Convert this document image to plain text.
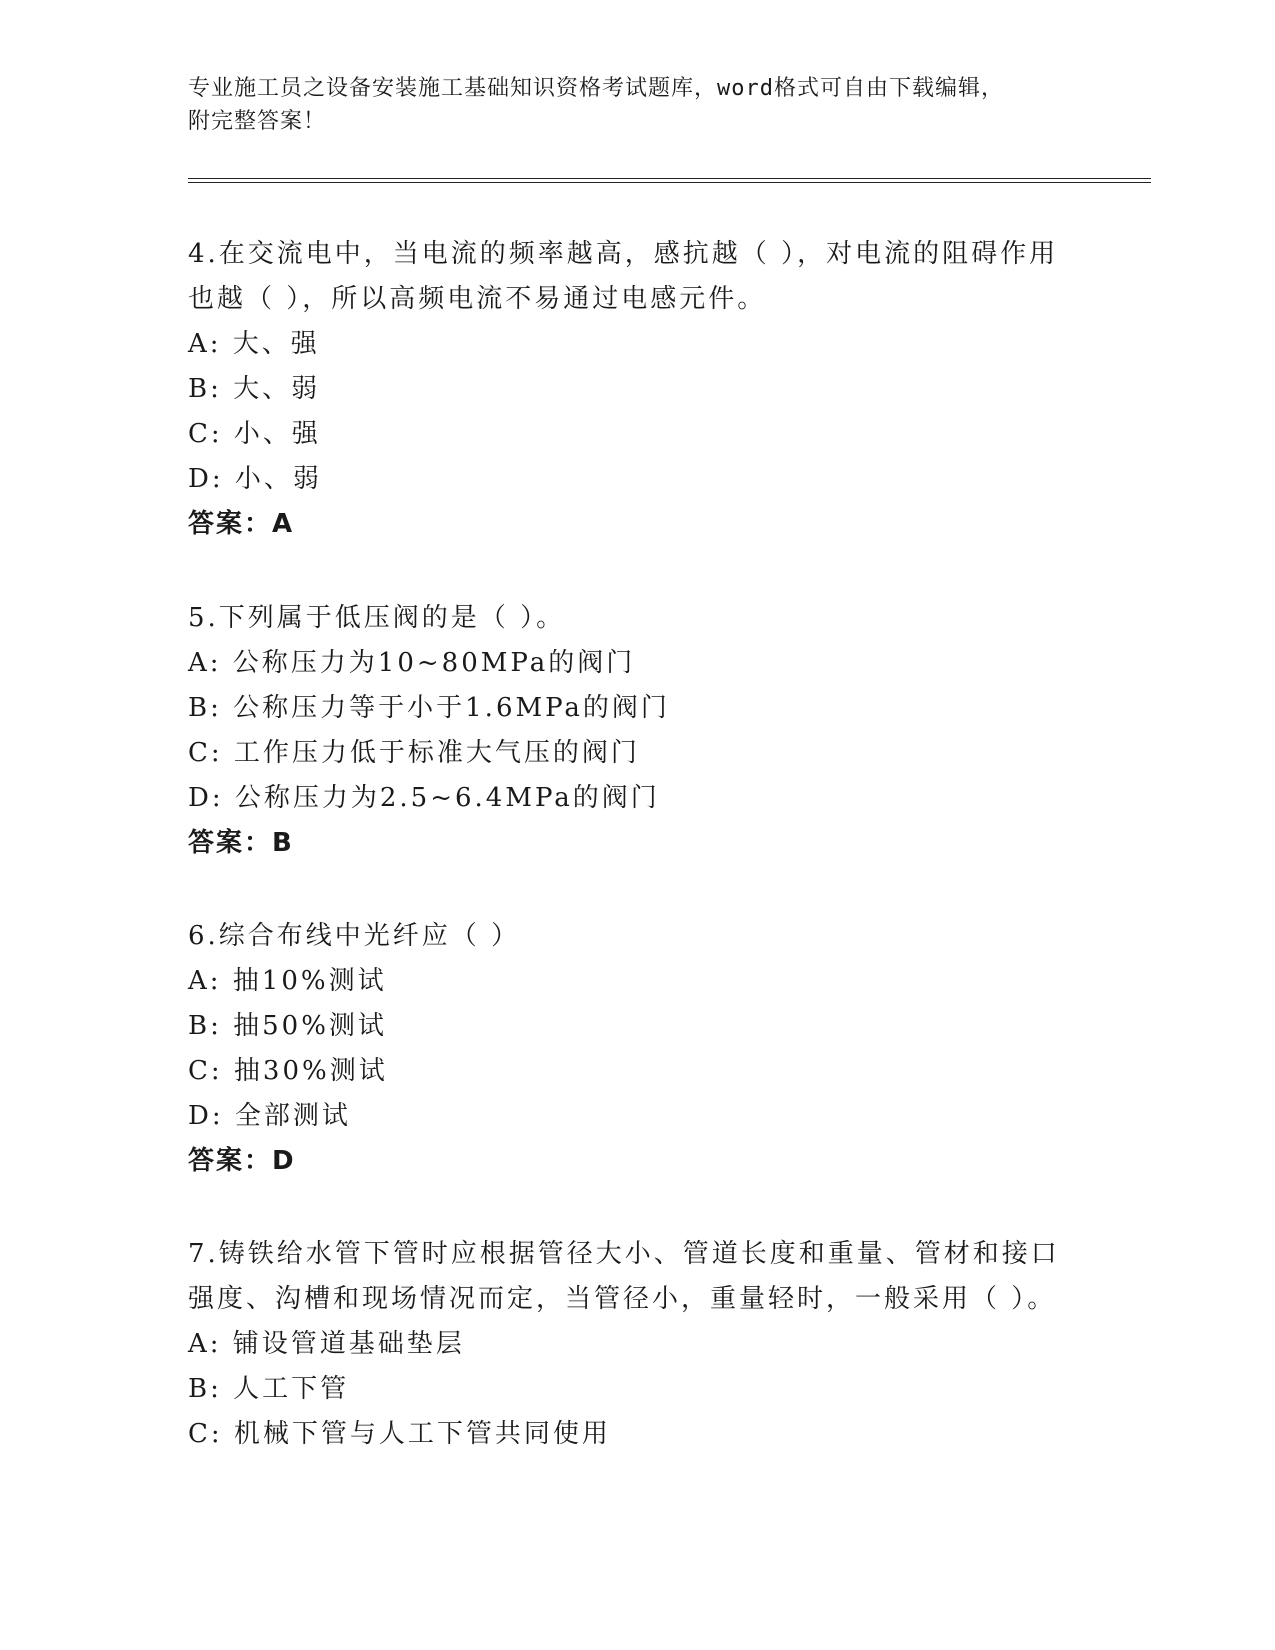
专业施工员之设备安装施工基础知识资格考试题库，word格式可自由下载编辑，
附完整答案！
4.在交流电中，当电流的频率越高，感抗越（ ），对电流的阻碍作用
也越（ ），所以高频电流不易通过电感元件。
A: 大、强
B: 大、弱
C: 小、强
D: 小、弱
答案：A
5.下列属于低压阀的是（ ）。
A: 公称压力为10~80MPa的阀门
B: 公称压力等于小于1.6MPa的阀门
C: 工作压力低于标准大气压的阀门
D: 公称压力为2.5~6.4MPa的阀门
答案：B
6.综合布线中光纤应（ ）
A: 抽10%测试
B: 抽50%测试
C: 抽30%测试
D: 全部测试
答案：D
7.铸铁给水管下管时应根据管径大小、管道长度和重量、管材和接口
强度、沟槽和现场情况而定，当管径小，重量轻时，一般采用（ ）。
A: 铺设管道基础垫层
B: 人工下管
C: 机械下管与人工下管共同使用
